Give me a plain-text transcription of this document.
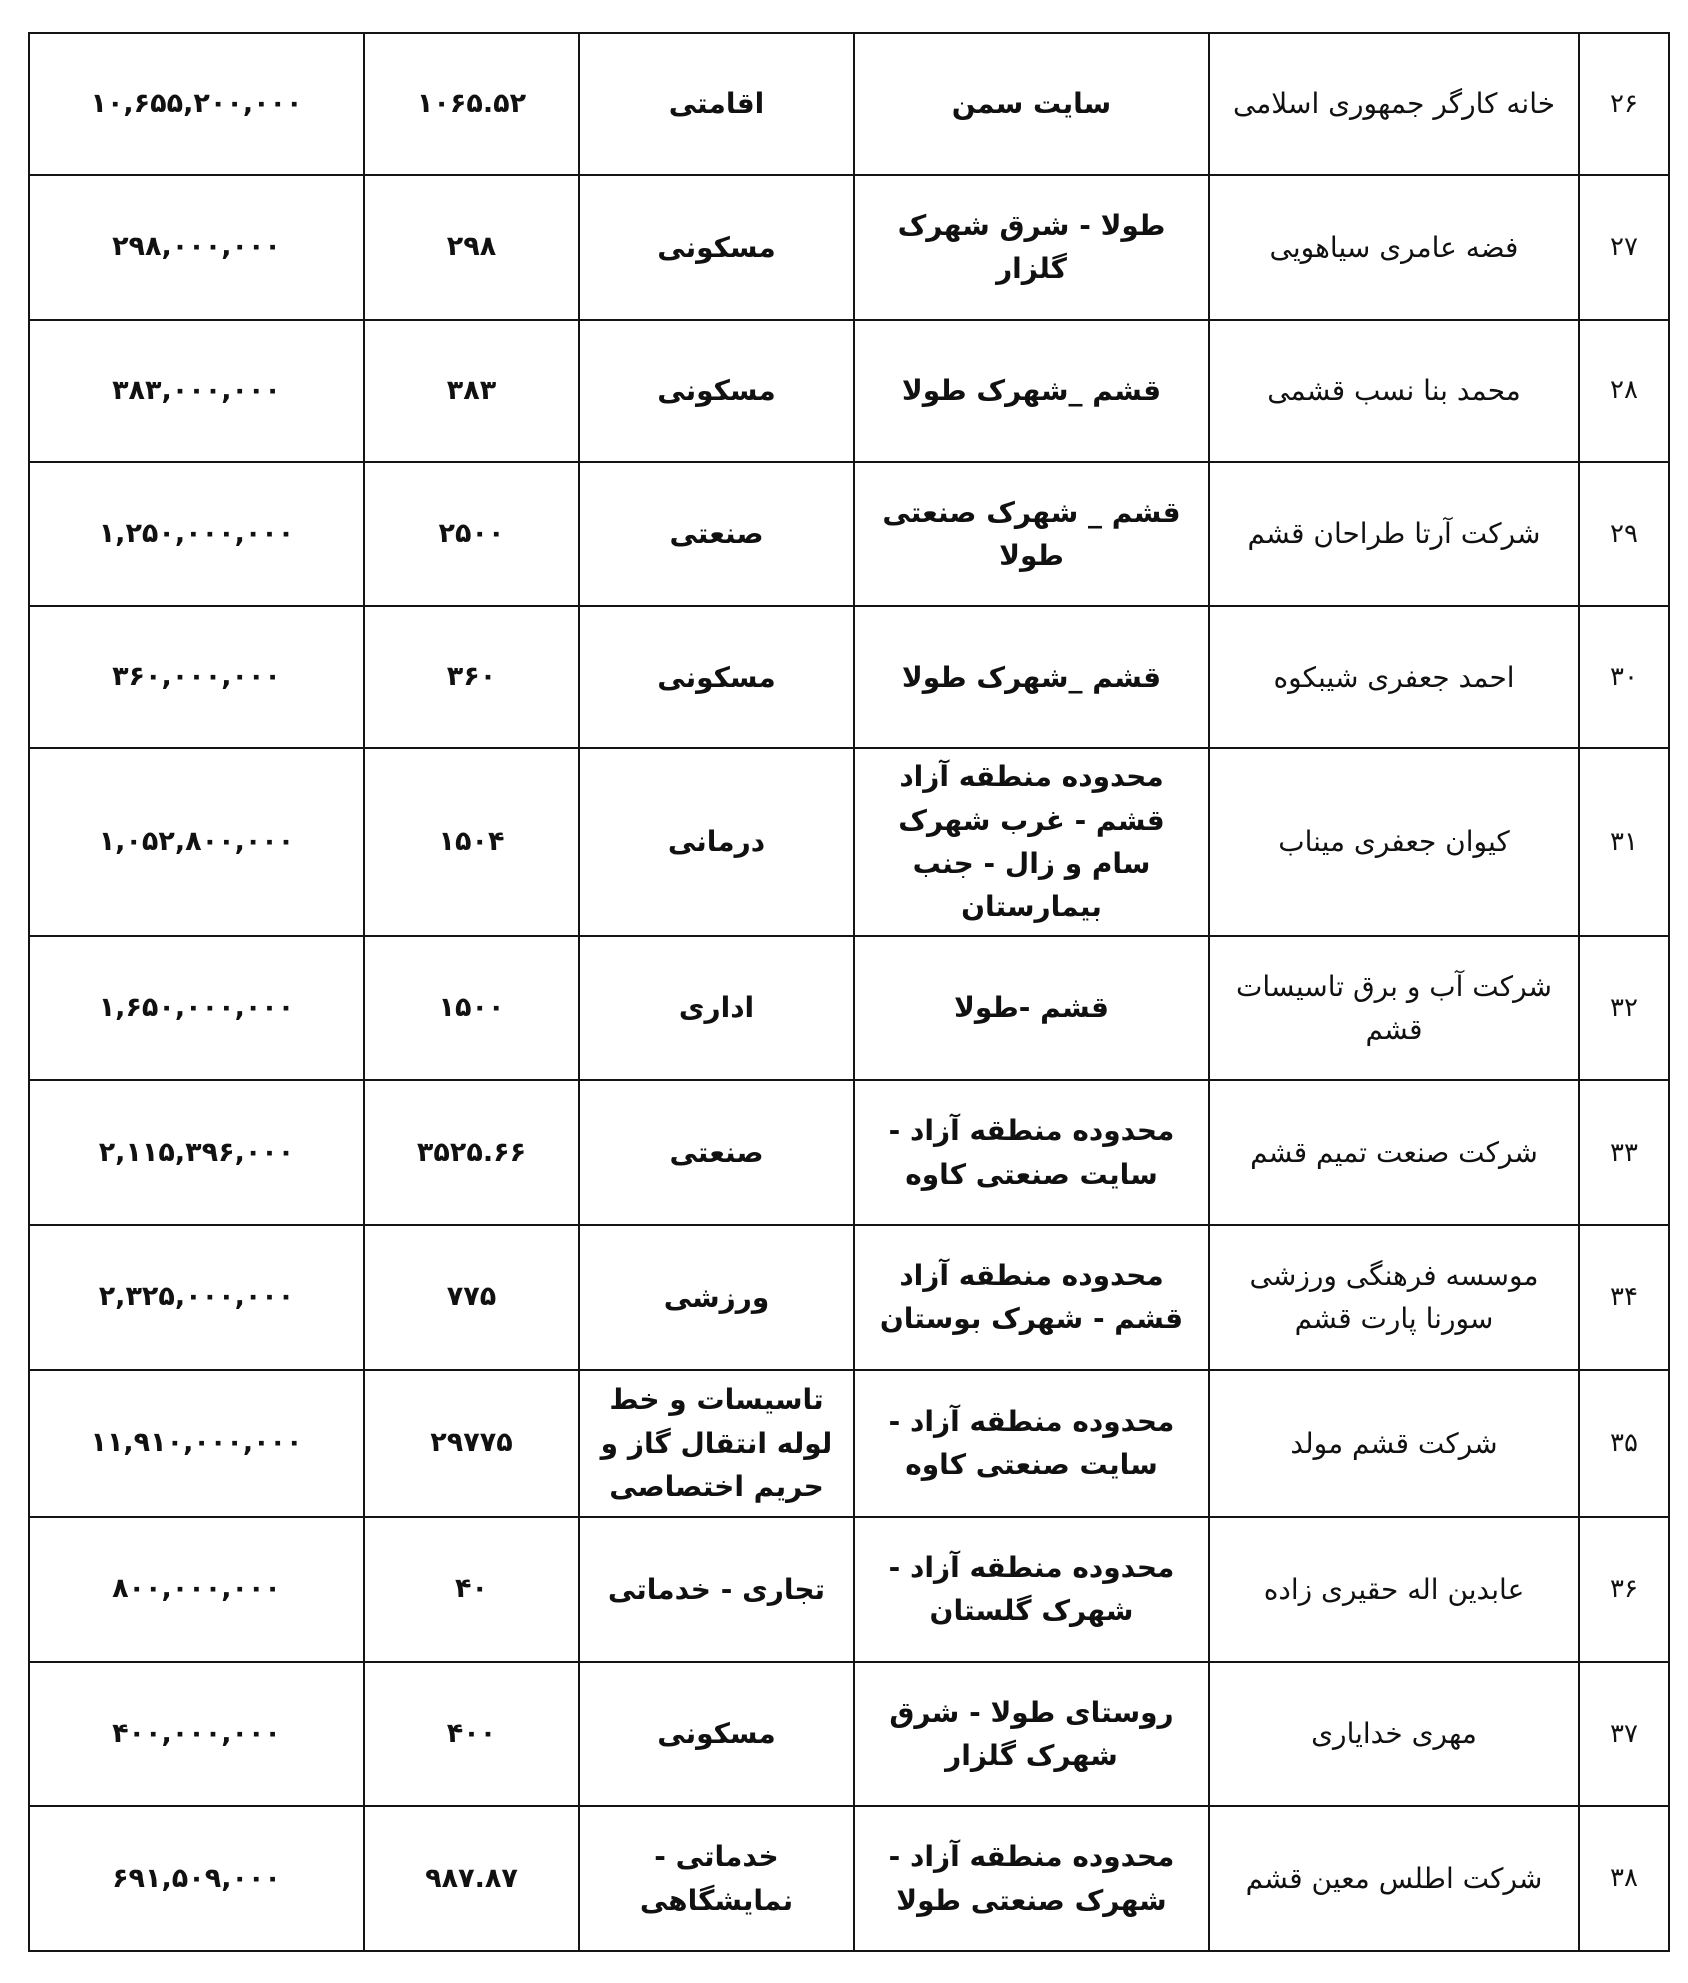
۲۶	خانه کارگر جمهوری اسلامی	سایت سمن	اقامتی	۱۰۶۵.۵۲	۱۰,۶۵۵,۲۰۰,۰۰۰
۲۷	فضه عامری سیاهویی	طولا - شرق شهرک گلزار	مسکونی	۲۹۸	۲۹۸,۰۰۰,۰۰۰
۲۸	محمد بنا نسب قشمی	قشم _شهرک طولا	مسکونی	۳۸۳	۳۸۳,۰۰۰,۰۰۰
۲۹	شرکت آرتا طراحان قشم	قشم _ شهرک صنعتی طولا	صنعتی	۲۵۰۰	۱,۲۵۰,۰۰۰,۰۰۰
۳۰	احمد جعفری شیبکوه	قشم _شهرک طولا	مسکونی	۳۶۰	۳۶۰,۰۰۰,۰۰۰
۳۱	کیوان جعفری میناب	محدوده منطقه آزاد قشم - غرب شهرک سام و زال - جنب بیمارستان	درمانی	۱۵۰۴	۱,۰۵۲,۸۰۰,۰۰۰
۳۲	شرکت آب و برق تاسیسات قشم	قشم -طولا	اداری	۱۵۰۰	۱,۶۵۰,۰۰۰,۰۰۰
۳۳	شرکت صنعت تمیم قشم	محدوده منطقه آزاد - سایت صنعتی کاوه	صنعتی	۳۵۲۵.۶۶	۲,۱۱۵,۳۹۶,۰۰۰
۳۴	موسسه فرهنگی ورزشی سورنا پارت قشم	محدوده منطقه آزاد قشم - شهرک بوستان	ورزشی	۷۷۵	۲,۳۲۵,۰۰۰,۰۰۰
۳۵	شرکت قشم مولد	محدوده منطقه آزاد - سایت صنعتی کاوه	تاسیسات و خط لوله انتقال گاز و حریم اختصاصی	۲۹۷۷۵	۱۱,۹۱۰,۰۰۰,۰۰۰
۳۶	عابدین اله حقیری زاده	محدوده منطقه آزاد - شهرک گلستان	تجاری - خدماتی	۴۰	۸۰۰,۰۰۰,۰۰۰
۳۷	مهری خدایاری	روستای طولا - شرق شهرک گلزار	مسکونی	۴۰۰	۴۰۰,۰۰۰,۰۰۰
۳۸	شرکت اطلس معین قشم	محدوده منطقه آزاد - شهرک صنعتی طولا	خدماتی - نمایشگاهی	۹۸۷.۸۷	۶۹۱,۵۰۹,۰۰۰
